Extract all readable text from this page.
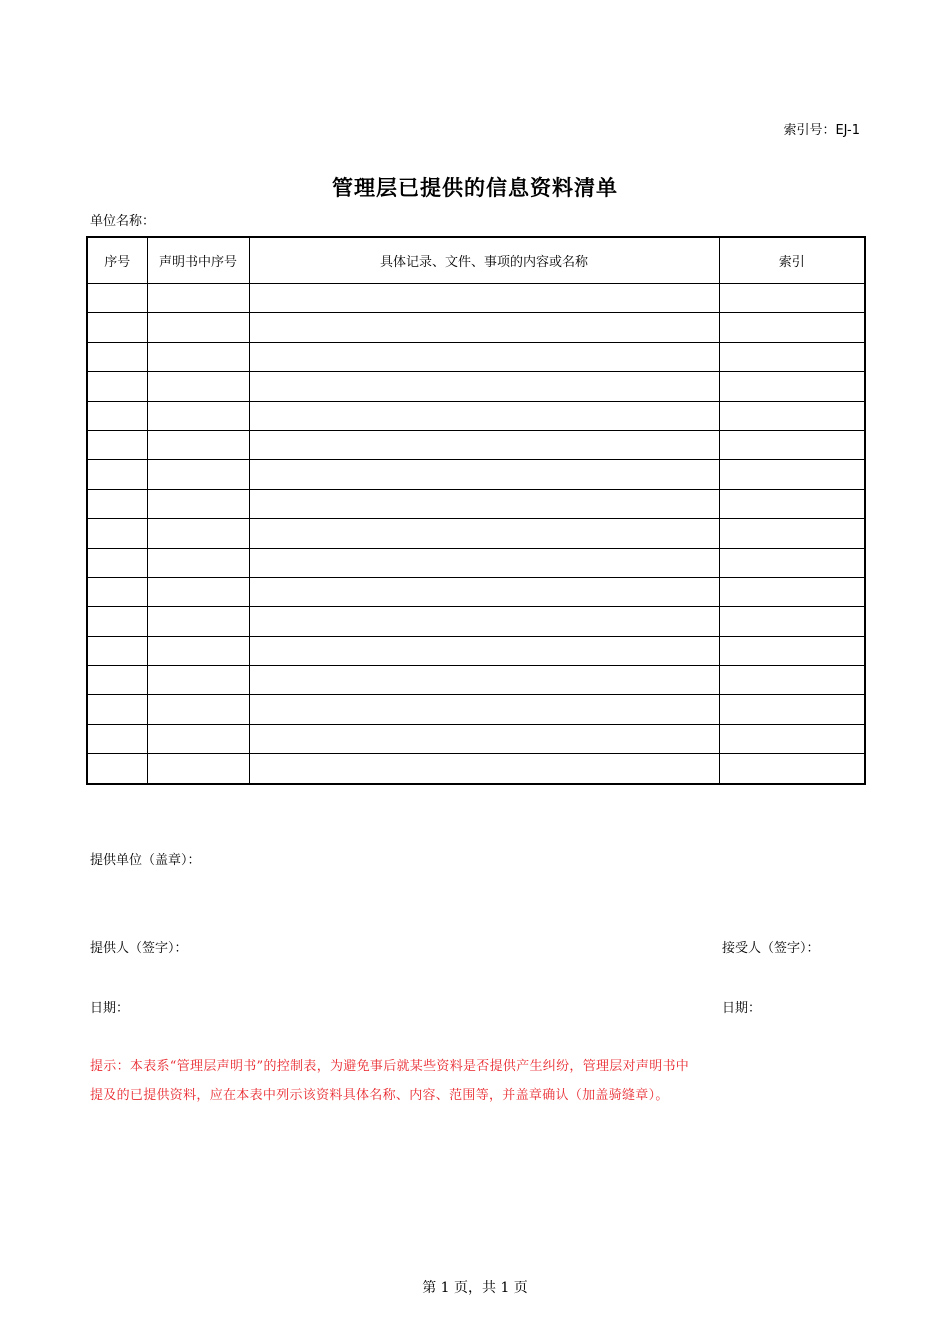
索引号：EJ-1
管理层已提供的信息资料清单
单位名称：
序号	声明书中序号	具体记录、文件、事项的内容或名称	索引

提供单位（盖章）：
提供人（签字）：	接受人（签字）：
日期：	日期：
提示：本表系“管理层声明书”的控制表，为避免事后就某些资料是否提供产生纠纷，管理层对声明书中
提及的已提供资料，应在本表中列示该资料具体名称、内容、范围等，并盖章确认（加盖骑缝章）。
第 1 页，共 1 页
